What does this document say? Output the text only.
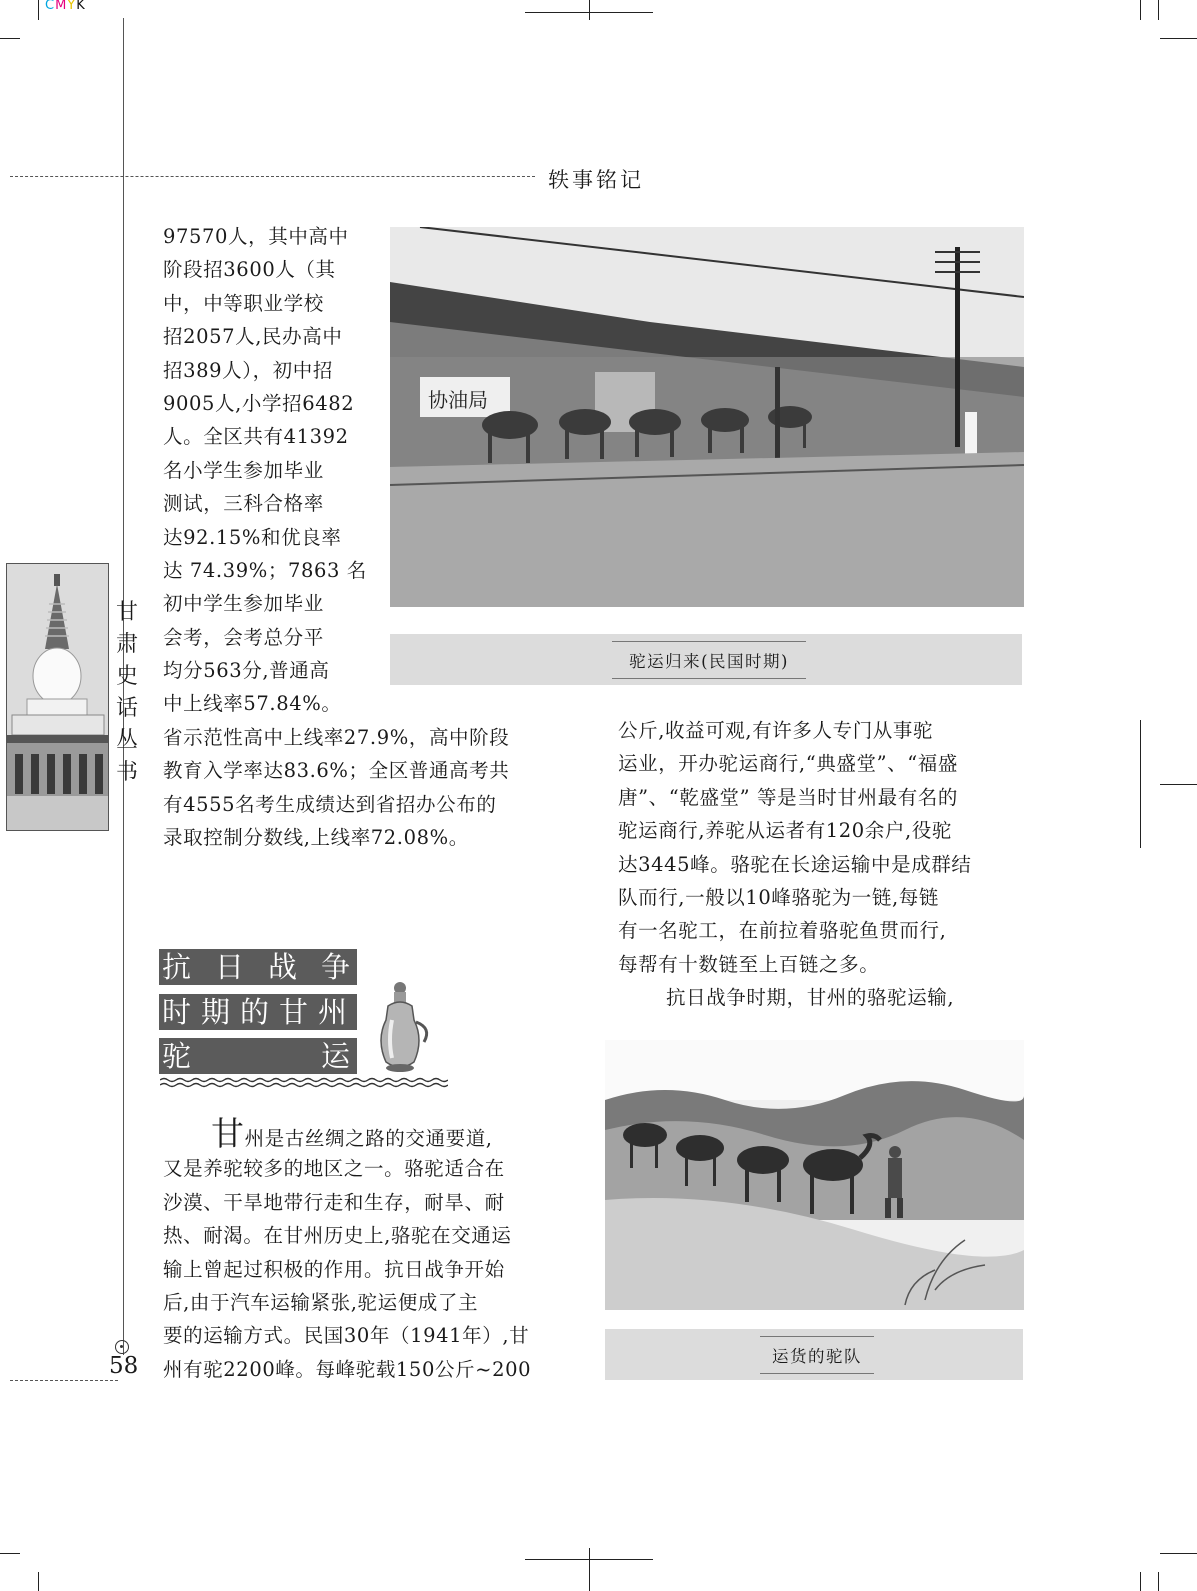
CMYK
轶事铭记
甘肃史话丛书
97570人，其中高中
阶段招3600人（其
中，中等职业学校
招2057人,民办高中
招389人），初中招
9005人,小学招6482
人。全区共有41392
名小学生参加毕业
测试，三科合格率
达92.15%和优良率
达 74.39%；7863 名
初中学生参加毕业
会考，会考总分平
均分563分,普通高
中上线率57.84%。
省示范性高中上线率27.9%，高中阶段
教育入学率达83.6%；全区普通高考共
有4555名考生成绩达到省招办公布的
录取控制分数线,上线率72.08%。
协油局
驼运归来(民国时期)
公斤,收益可观,有许多人专门从事驼
运业，开办驼运商行,“典盛堂”、“福盛
唐”、“乾盛堂” 等是当时甘州最有名的
驼运商行,养驼从运者有120余户,役驼
达3445峰。骆驼在长途运输中是成群结
队而行,一般以10峰骆驼为一链,每链
有一名驼工，在前拉着骆驼鱼贯而行,
每帮有十数链至上百链之多。
抗日战争时期，甘州的骆驼运输,
抗 日 战 争
时 期 的 甘 州
驼	运
甘州是古丝绸之路的交通要道,
又是养驼较多的地区之一。骆驼适合在
沙漠、干旱地带行走和生存，耐旱、耐
热、耐渴。在甘州历史上,骆驼在交通运
输上曾起过积极的作用。抗日战争开始
后,由于汽车运输紧张,驼运便成了主
要的运输方式。民国30年（1941年）,甘
州有驼2200峰。每峰驼载150公斤~200
运货的驼队
58
